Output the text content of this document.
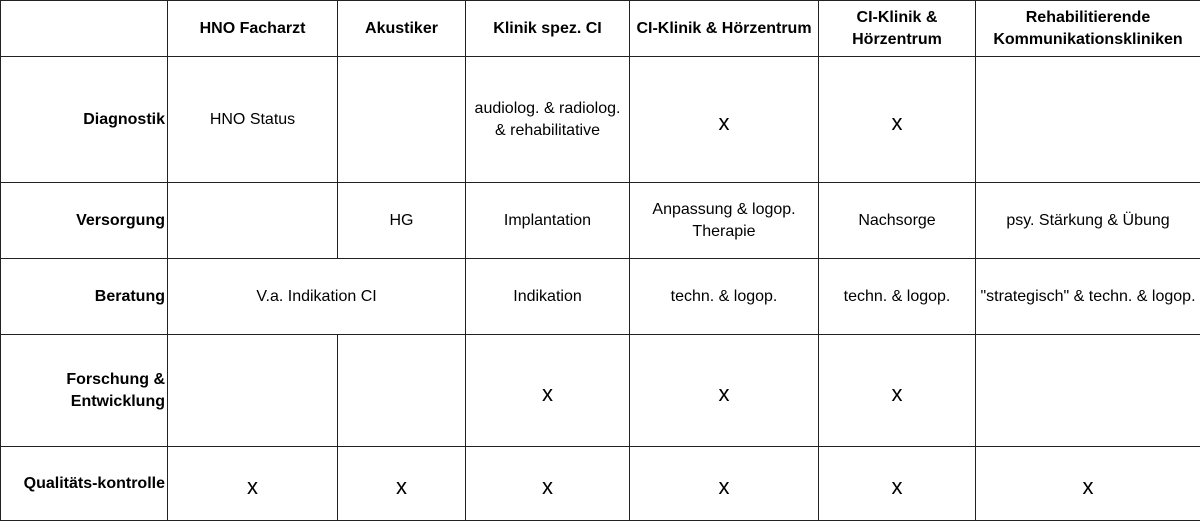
	HNO Facharzt	Akustiker	Klinik spez. CI	CI-Klinik & Hörzentrum	CI-Klinik & Hörzentrum	Rehabilitierende Kommunikationskliniken
Diagnostik	HNO Status		audiolog. & radiolog. & rehabilitative	x	x	
Versorgung		HG	Implantation	Anpassung & logop. Therapie	Nachsorge	psy. Stärkung & Übung
Beratung	V.a. Indikation CI		Indikation	techn. & logop.	techn. & logop.	"strategisch" & techn. & logop.
Forschung & Entwicklung			x	x	x	
Qualitäts-kontrolle	x	x	x	x	x	x
